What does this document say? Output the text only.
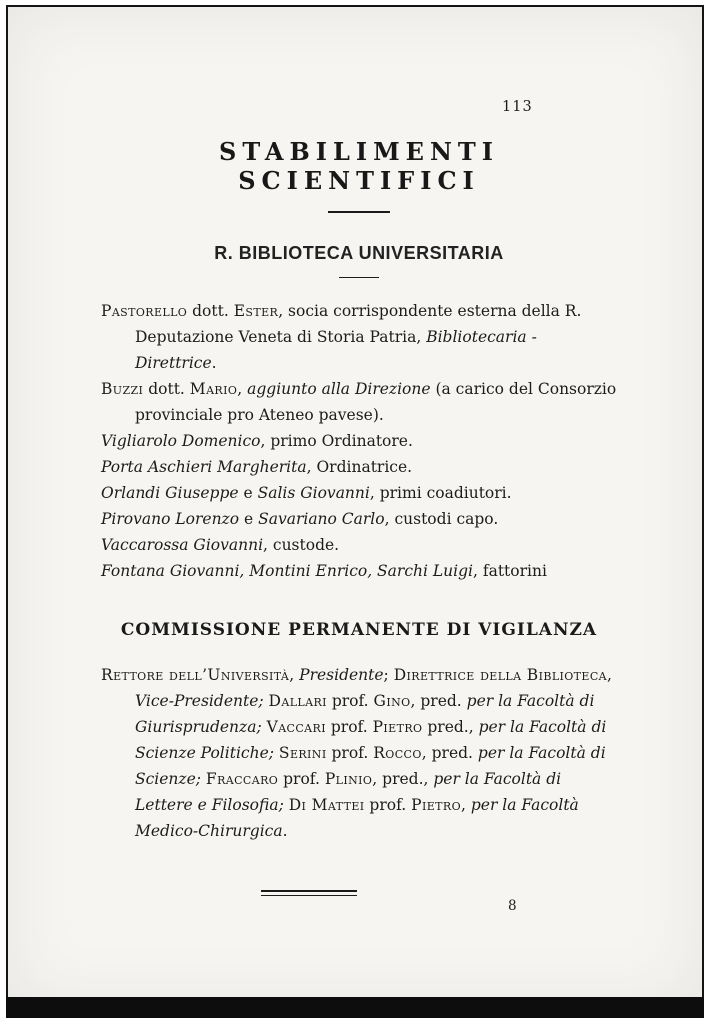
113
STABILIMENTI SCIENTIFICI
R. BIBLIOTECA UNIVERSITARIA

Pastorello dott. Ester, socia corrispondente esterna della R. Deputazione Veneta di Storia Patria, Bibliotecaria - Direttrice.

Buzzi dott. Mario, aggiunto alla Direzione (a carico del Consorzio provinciale pro Ateneo pavese).

Vigliarolo Domenico, primo Ordinatore.

Porta Aschieri Margherita, Ordinatrice.

Orlandi Giuseppe e Salis Giovanni, primi coadiutori.

Pirovano Lorenzo e Savariano Carlo, custodi capo.

Vaccarossa Giovanni, custode.

Fontana Giovanni, Montini Enrico, Sarchi Luigi, fattorini

COMMISSIONE PERMANENTE DI VIGILANZA

Rettore dell’Università, Presidente; Direttrice della Biblioteca, Vice-Presidente; Dallari prof. Gino, pred. per la Facoltà di Giurisprudenza; Vaccari prof. Pietro pred., per la Facoltà di Scienze Politiche; Serini prof. Rocco, pred. per la Facoltà di Scienze; Fraccaro prof. Plinio, pred., per la Facoltà di Lettere e Filosofia; Di Mattei prof. Pietro, per la Facoltà Medico-Chirurgica.

8
